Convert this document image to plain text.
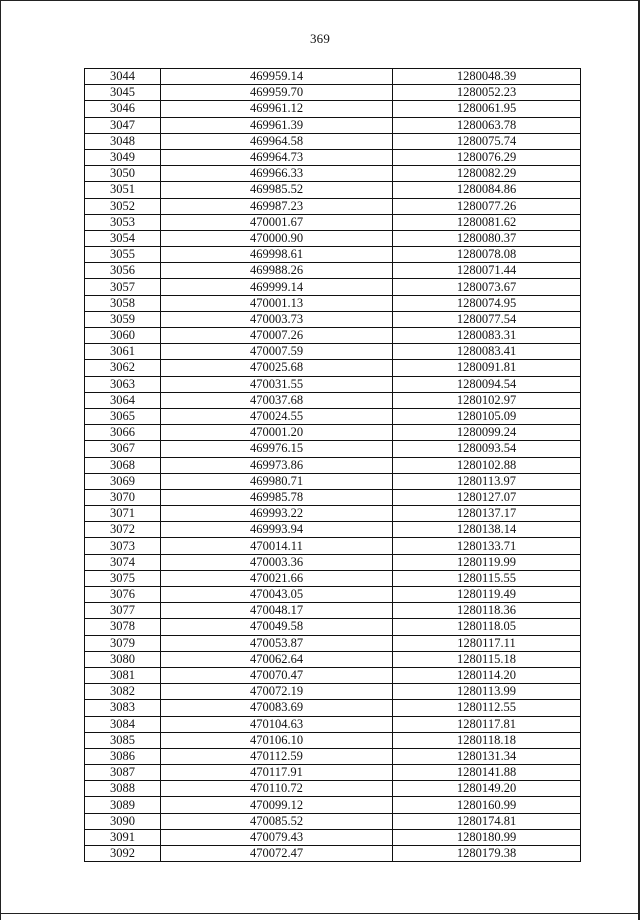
369
3044	469959.14	1280048.39
3045	469959.70	1280052.23
3046	469961.12	1280061.95
3047	469961.39	1280063.78
3048	469964.58	1280075.74
3049	469964.73	1280076.29
3050	469966.33	1280082.29
3051	469985.52	1280084.86
3052	469987.23	1280077.26
3053	470001.67	1280081.62
3054	470000.90	1280080.37
3055	469998.61	1280078.08
3056	469988.26	1280071.44
3057	469999.14	1280073.67
3058	470001.13	1280074.95
3059	470003.73	1280077.54
3060	470007.26	1280083.31
3061	470007.59	1280083.41
3062	470025.68	1280091.81
3063	470031.55	1280094.54
3064	470037.68	1280102.97
3065	470024.55	1280105.09
3066	470001.20	1280099.24
3067	469976.15	1280093.54
3068	469973.86	1280102.88
3069	469980.71	1280113.97
3070	469985.78	1280127.07
3071	469993.22	1280137.17
3072	469993.94	1280138.14
3073	470014.11	1280133.71
3074	470003.36	1280119.99
3075	470021.66	1280115.55
3076	470043.05	1280119.49
3077	470048.17	1280118.36
3078	470049.58	1280118.05
3079	470053.87	1280117.11
3080	470062.64	1280115.18
3081	470070.47	1280114.20
3082	470072.19	1280113.99
3083	470083.69	1280112.55
3084	470104.63	1280117.81
3085	470106.10	1280118.18
3086	470112.59	1280131.34
3087	470117.91	1280141.88
3088	470110.72	1280149.20
3089	470099.12	1280160.99
3090	470085.52	1280174.81
3091	470079.43	1280180.99
3092	470072.47	1280179.38
